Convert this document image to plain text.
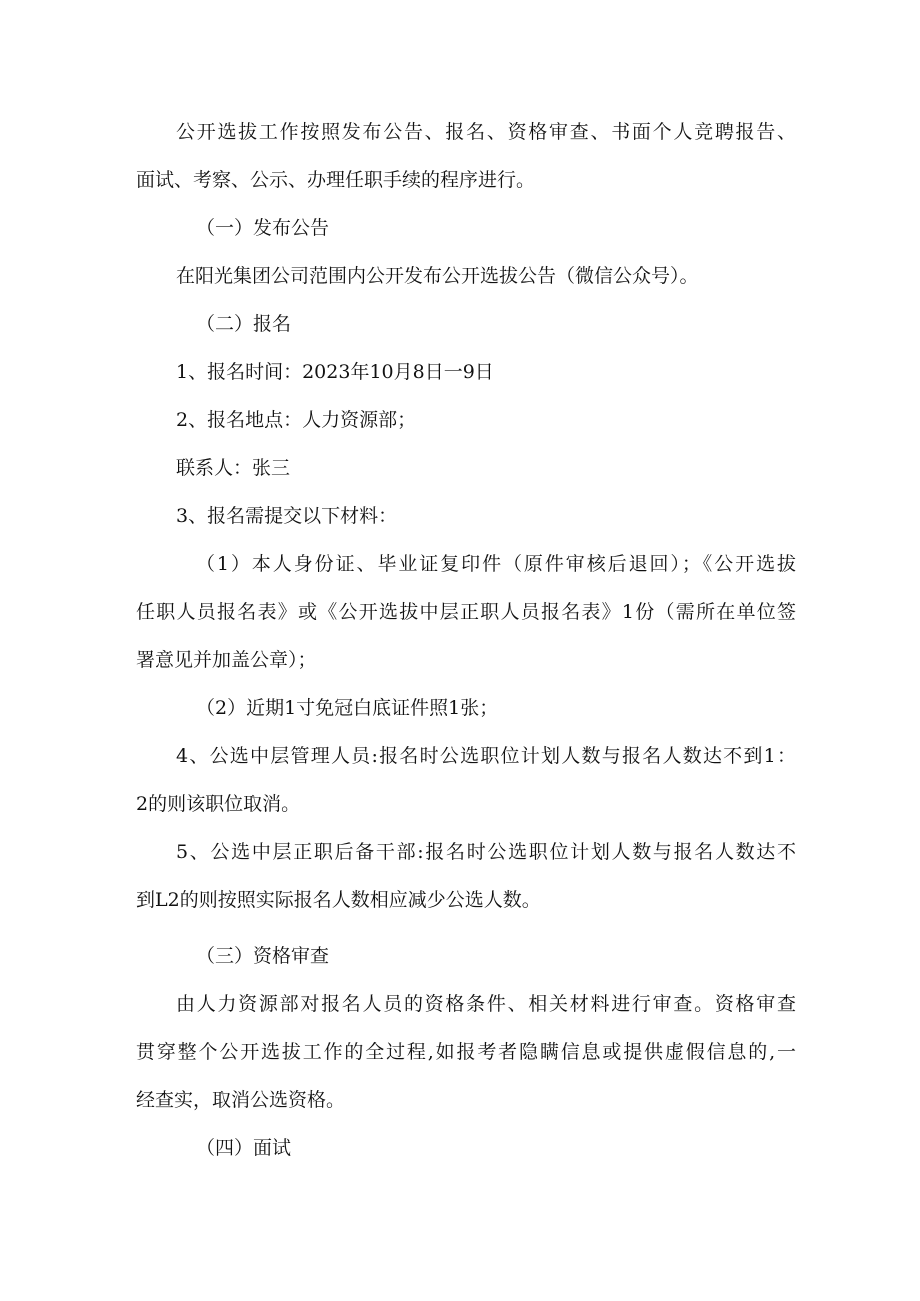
公开选拔工作按照发布公告、报名、资格审查、书面个人竞聘报告、
面试、考察、公示、办理任职手续的程序进行。

（一）发布公告

在阳光集团公司范围内公开发布公开选拔公告（微信公众号）。

（二）报名

1、报名时间：2023年10月8日一9日

2、报名地点：人力资源部；

联系人：张三

3、报名需提交以下材料：

（1）本人身份证、毕业证复印件（原件审核后退回）；《公开选拔
任职人员报名表》或《公开选拔中层正职人员报名表》1份（需所在单位签
署意见并加盖公章）；

（2）近期1寸免冠白底证件照1张；

4、公选中层管理人员:报名时公选职位计划人数与报名人数达不到1：
2的则该职位取消。

5、公选中层正职后备干部:报名时公选职位计划人数与报名人数达不
到L2的则按照实际报名人数相应减少公选人数。

（三）资格审查

由人力资源部对报名人员的资格条件、相关材料进行审查。资格审查
贯穿整个公开选拔工作的全过程,如报考者隐瞒信息或提供虚假信息的,一
经查实，取消公选资格。

（四）面试
